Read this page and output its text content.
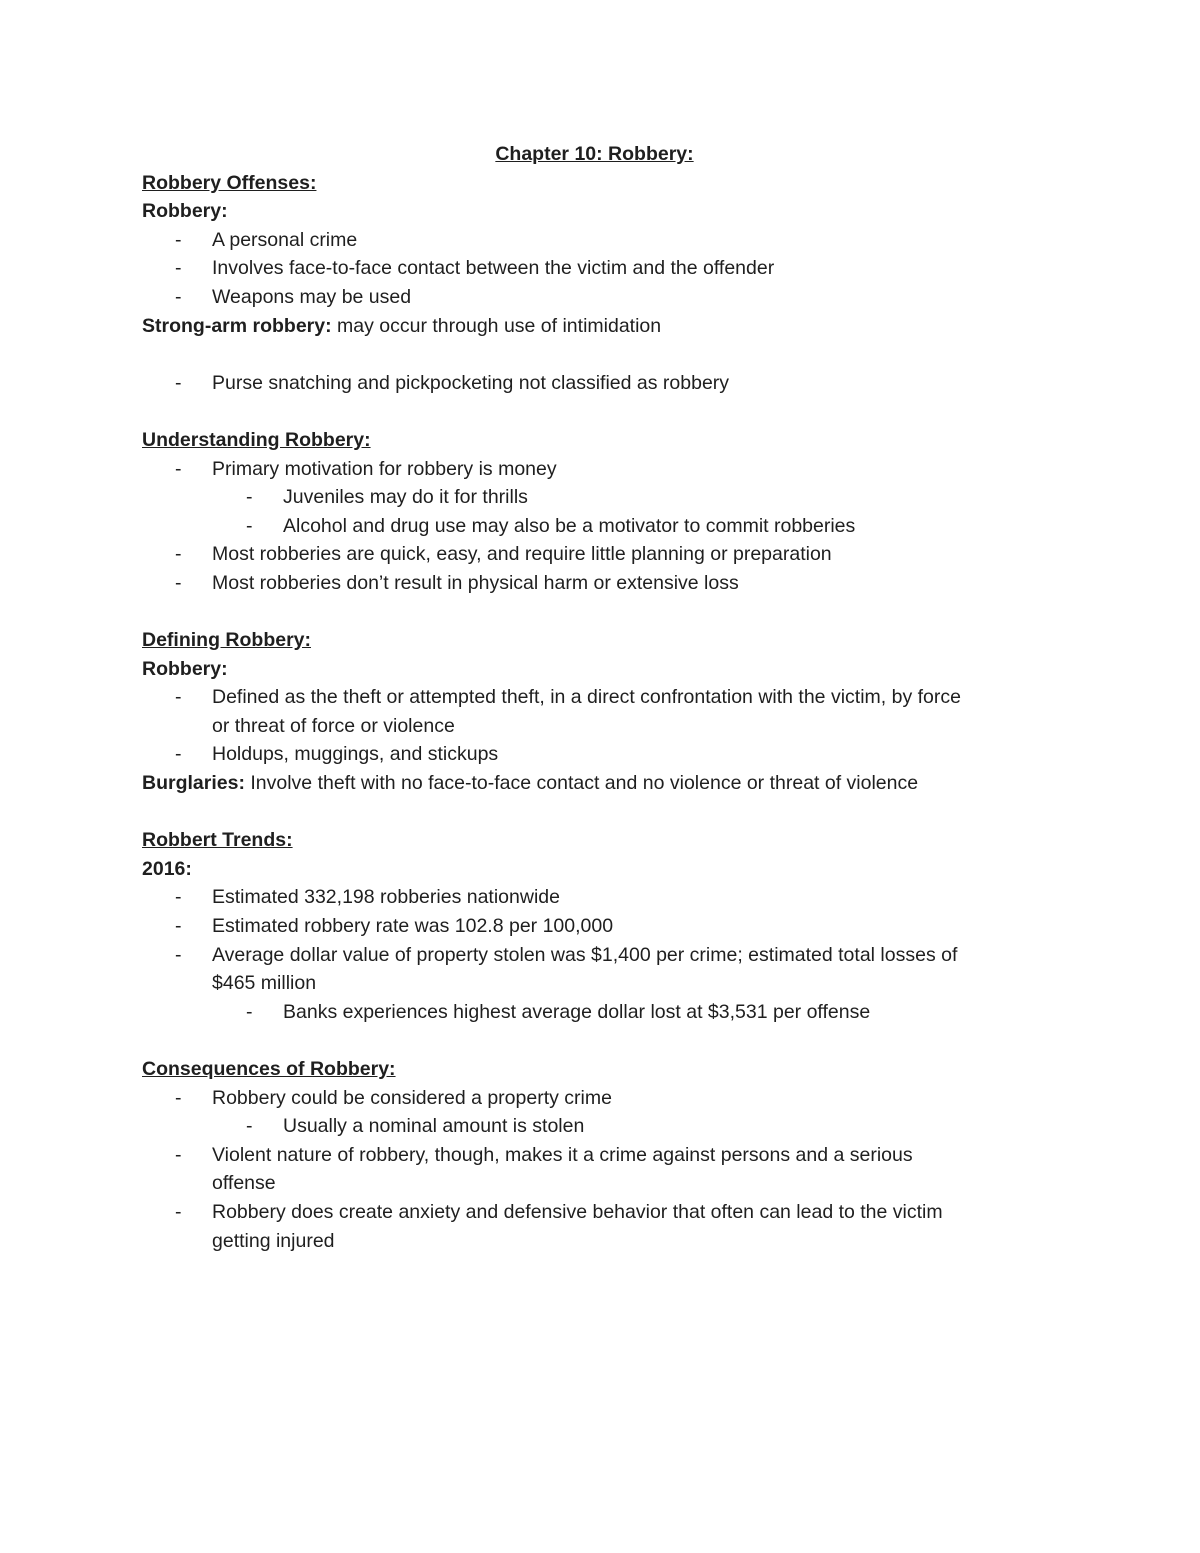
Chapter 10: Robbery:

Robbery Offenses:

Robbery:

- A personal crime

- Involves face-to-face contact between the victim and the offender

- Weapons may be used

Strong-arm robbery: may occur through use of intimidation

- Purse snatching and pickpocketing not classified as robbery

Understanding Robbery:

- Primary motivation for robbery is money

- Juveniles may do it for thrills

- Alcohol and drug use may also be a motivator to commit robberies

- Most robberies are quick, easy, and require little planning or preparation

- Most robberies don’t result in physical harm or extensive loss

Defining Robbery:

Robbery:

- Defined as the theft or attempted theft, in a direct confrontation with the victim, by force

or threat of force or violence

- Holdups, muggings, and stickups

Burglaries: Involve theft with no face-to-face contact and no violence or threat of violence

Robbert Trends:

2016:

- Estimated 332,198 robberies nationwide

- Estimated robbery rate was 102.8 per 100,000

- Average dollar value of property stolen was $1,400 per crime; estimated total losses of

$465 million

- Banks experiences highest average dollar lost at $3,531 per offense

Consequences of Robbery:

- Robbery could be considered a property crime

- Usually a nominal amount is stolen

- Violent nature of robbery, though, makes it a crime against persons and a serious

offense

- Robbery does create anxiety and defensive behavior that often can lead to the victim

getting injured
